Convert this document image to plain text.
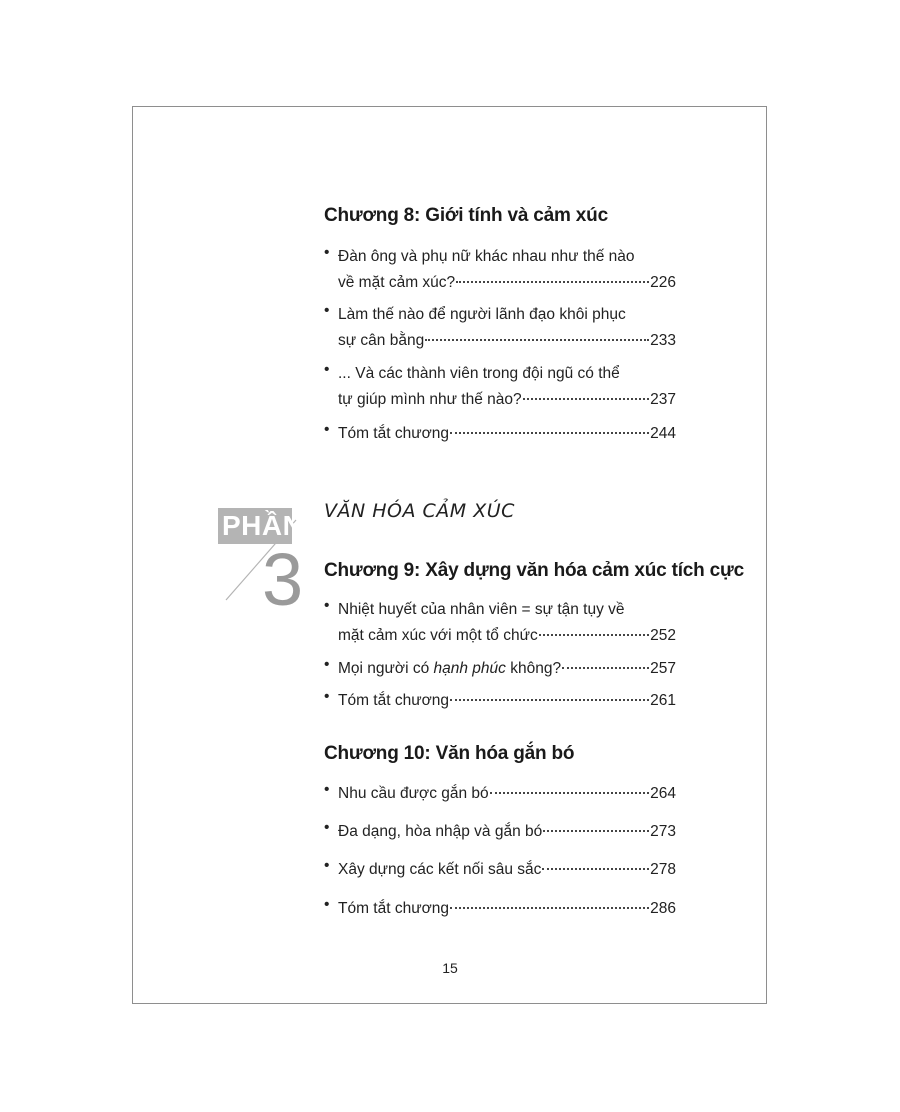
Chương 8: Giới tính và cảm xúc
• Đàn ông và phụ nữ khác nhau như thế nào
về mặt cảm xúc?	226
• Làm thế nào để người lãnh đạo khôi phục
sự cân bằng	233
• ... Và các thành viên trong đội ngũ có thể
tự giúp mình như thế nào?	237
• Tóm tắt chương	244
PHẦN
3
VĂN HÓA CẢM XÚC
Chương 9: Xây dựng văn hóa cảm xúc tích cực
• Nhiệt huyết của nhân viên = sự tận tụy về
mặt cảm xúc với một tổ chức	252
• Mọi người có hạnh phúc không?	257
• Tóm tắt chương	261
Chương 10: Văn hóa gắn bó
• Nhu cầu được gắn bó	264
• Đa dạng, hòa nhập và gắn bó	273
• Xây dựng các kết nối sâu sắc	278
• Tóm tắt chương	286
15
